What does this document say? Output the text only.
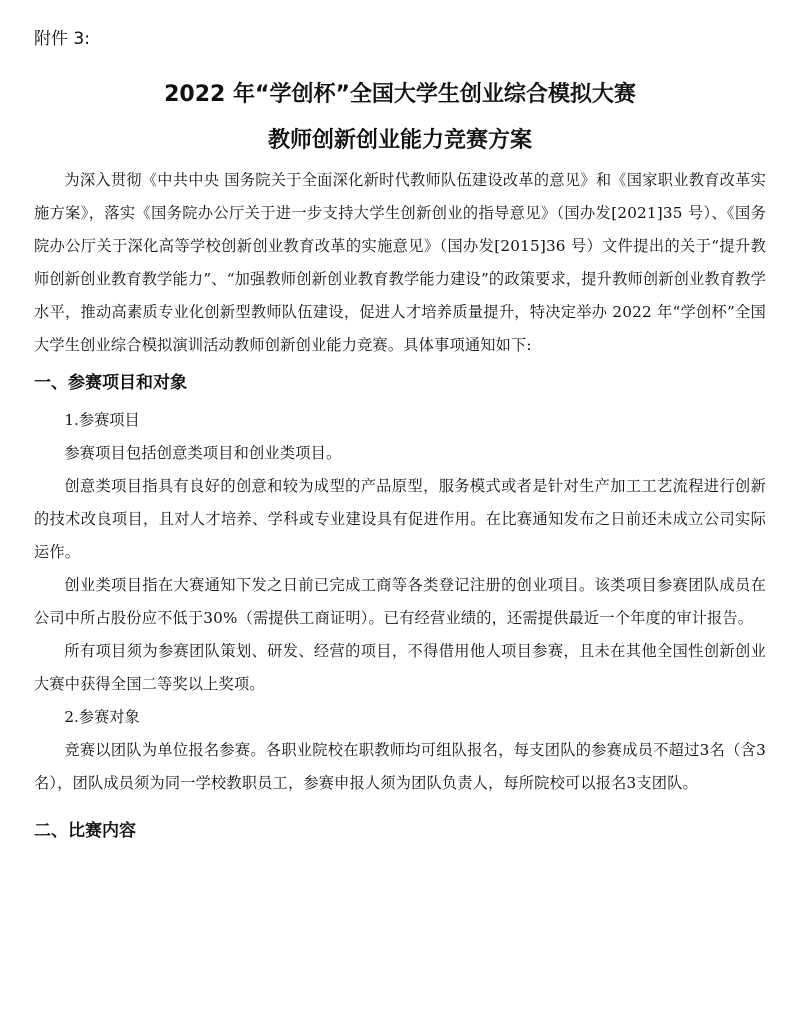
附件 3:
2022 年“学创杯”全国大学生创业综合模拟大赛
教师创新创业能力竞赛方案

为深入贯彻《中共中央 国务院关于全面深化新时代教师队伍建设改革的意见》和《国家职业教育改革实施方案》，落实《国务院办公厅关于进一步支持大学生创新创业的指导意见》（国办发[2021]35 号）、《国务院办公厅关于深化高等学校创新创业教育改革的实施意见》（国办发[2015]36 号）文件提出的关于“提升教师创新创业教育教学能力”、“加强教师创新创业教育教学能力建设”的政策要求，提升教师创新创业教育教学水平，推动高素质专业化创新型教师队伍建设，促进人才培养质量提升，特决定举办 2022 年“学创杯”全国大学生创业综合模拟演训活动教师创新创业能力竞赛。具体事项通知如下:

一、参赛项目和对象
1.参赛项目

参赛项目包括创意类项目和创业类项目。

创意类项目指具有良好的创意和较为成型的产品原型，服务模式或者是针对生产加工工艺流程进行创新的技术改良项目，且对人才培养、学科或专业建设具有促进作用。在比赛通知发布之日前还未成立公司实际运作。

创业类项目指在大赛通知下发之日前已完成工商等各类登记注册的创业项目。该类项目参赛团队成员在公司中所占股份应不低于30%（需提供工商证明）。已有经营业绩的，还需提供最近一个年度的审计报告。

所有项目须为参赛团队策划、研发、经营的项目，不得借用他人项目参赛，且未在其他全国性创新创业大赛中获得全国二等奖以上奖项。

2.参赛对象

竞赛以团队为单位报名参赛。各职业院校在职教师均可组队报名，每支团队的参赛成员不超过3名（含3名），团队成员须为同一学校教职员工，参赛申报人须为团队负责人，每所院校可以报名3支团队。

二、比赛内容
